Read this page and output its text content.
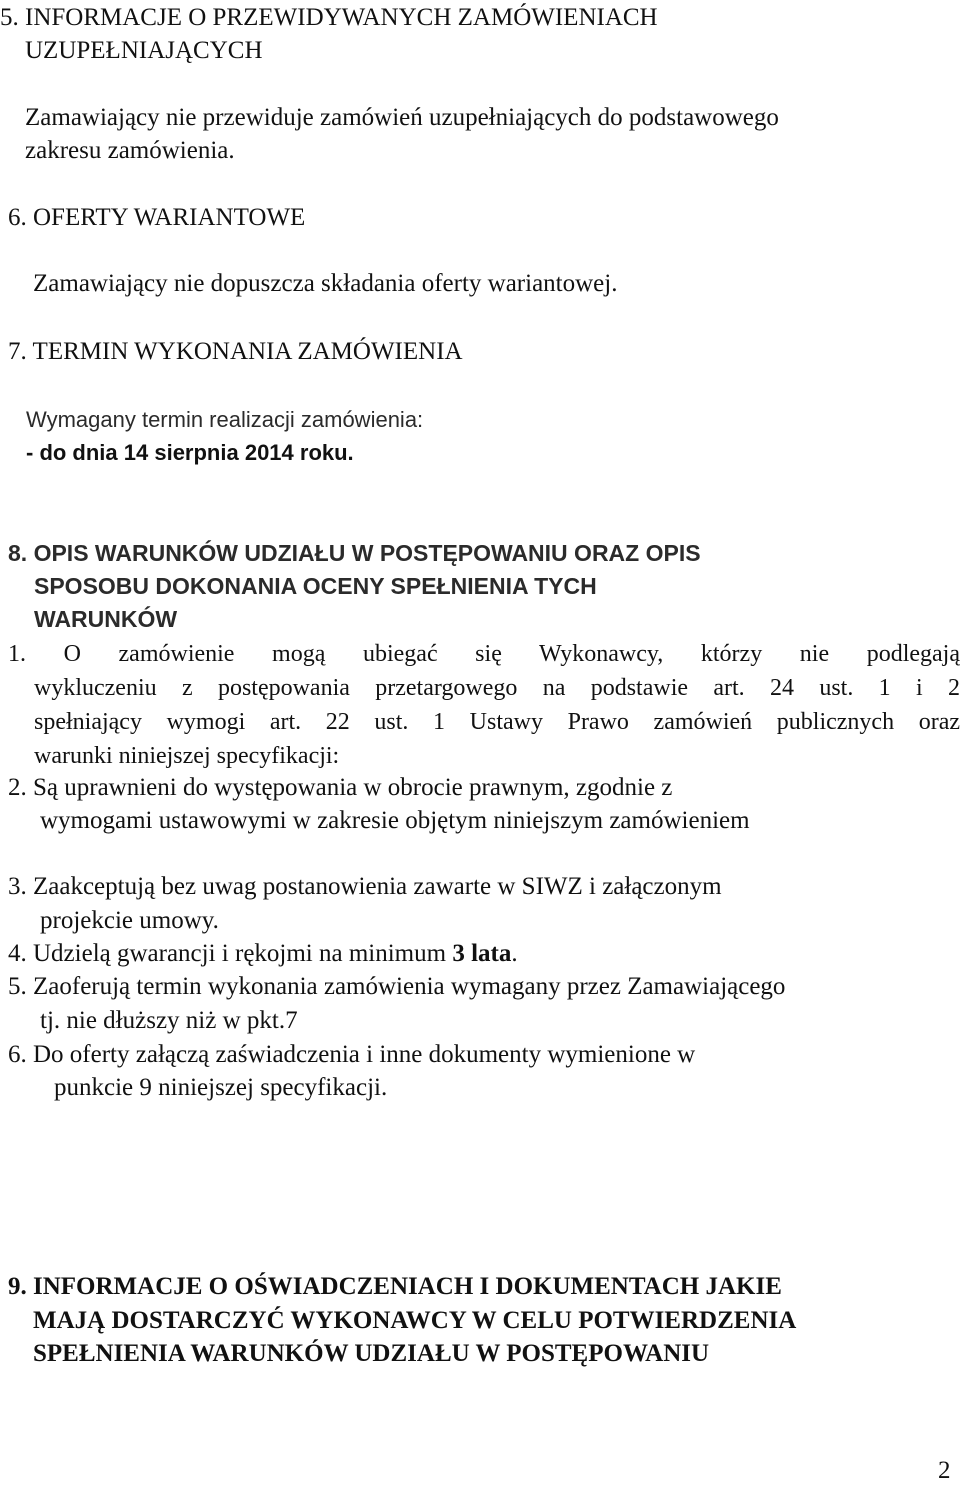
5. INFORMACJE O PRZEWIDYWANYCH ZAMÓWIENIACH
UZUPEŁNIAJĄCYCH
Zamawiający nie przewiduje zamówień uzupełniających do podstawowego
zakresu zamówienia.
6. OFERTY WARIANTOWE
Zamawiający nie dopuszcza składania oferty wariantowej.
7. TERMIN WYKONANIA ZAMÓWIENIA
Wymagany termin realizacji zamówienia:
- do dnia 14 sierpnia 2014 roku.
8. OPIS WARUNKÓW UDZIAŁU W POSTĘPOWANIU ORAZ OPIS
SPOSOBU DOKONANIA OCENY SPEŁNIENIA TYCH
WARUNKÓW
1. O zamówienie mogą ubiegać się Wykonawcy, którzy nie podlegają
wykluczeniu z postępowania przetargowego na podstawie art. 24 ust. 1 i 2
spełniający wymogi art. 22 ust. 1 Ustawy Prawo zamówień publicznych oraz
warunki niniejszej specyfikacji:
2. Są uprawnieni do występowania w obrocie prawnym, zgodnie z
wymogami ustawowymi w zakresie objętym niniejszym zamówieniem
3. Zaakceptują bez uwag postanowienia zawarte w SIWZ i załączonym
projekcie umowy.
4. Udzielą gwarancji i rękojmi na minimum 3 lata.
5. Zaoferują termin wykonania zamówienia wymagany przez Zamawiającego
tj. nie dłuższy niż w pkt.7
6. Do oferty załączą zaświadczenia i inne dokumenty wymienione w
punkcie 9 niniejszej specyfikacji.
9. INFORMACJE O OŚWIADCZENIACH I DOKUMENTACH JAKIE
MAJĄ DOSTARCZYĆ WYKONAWCY W CELU POTWIERDZENIA
SPEŁNIENIA WARUNKÓW UDZIAŁU W POSTĘPOWANIU
2
